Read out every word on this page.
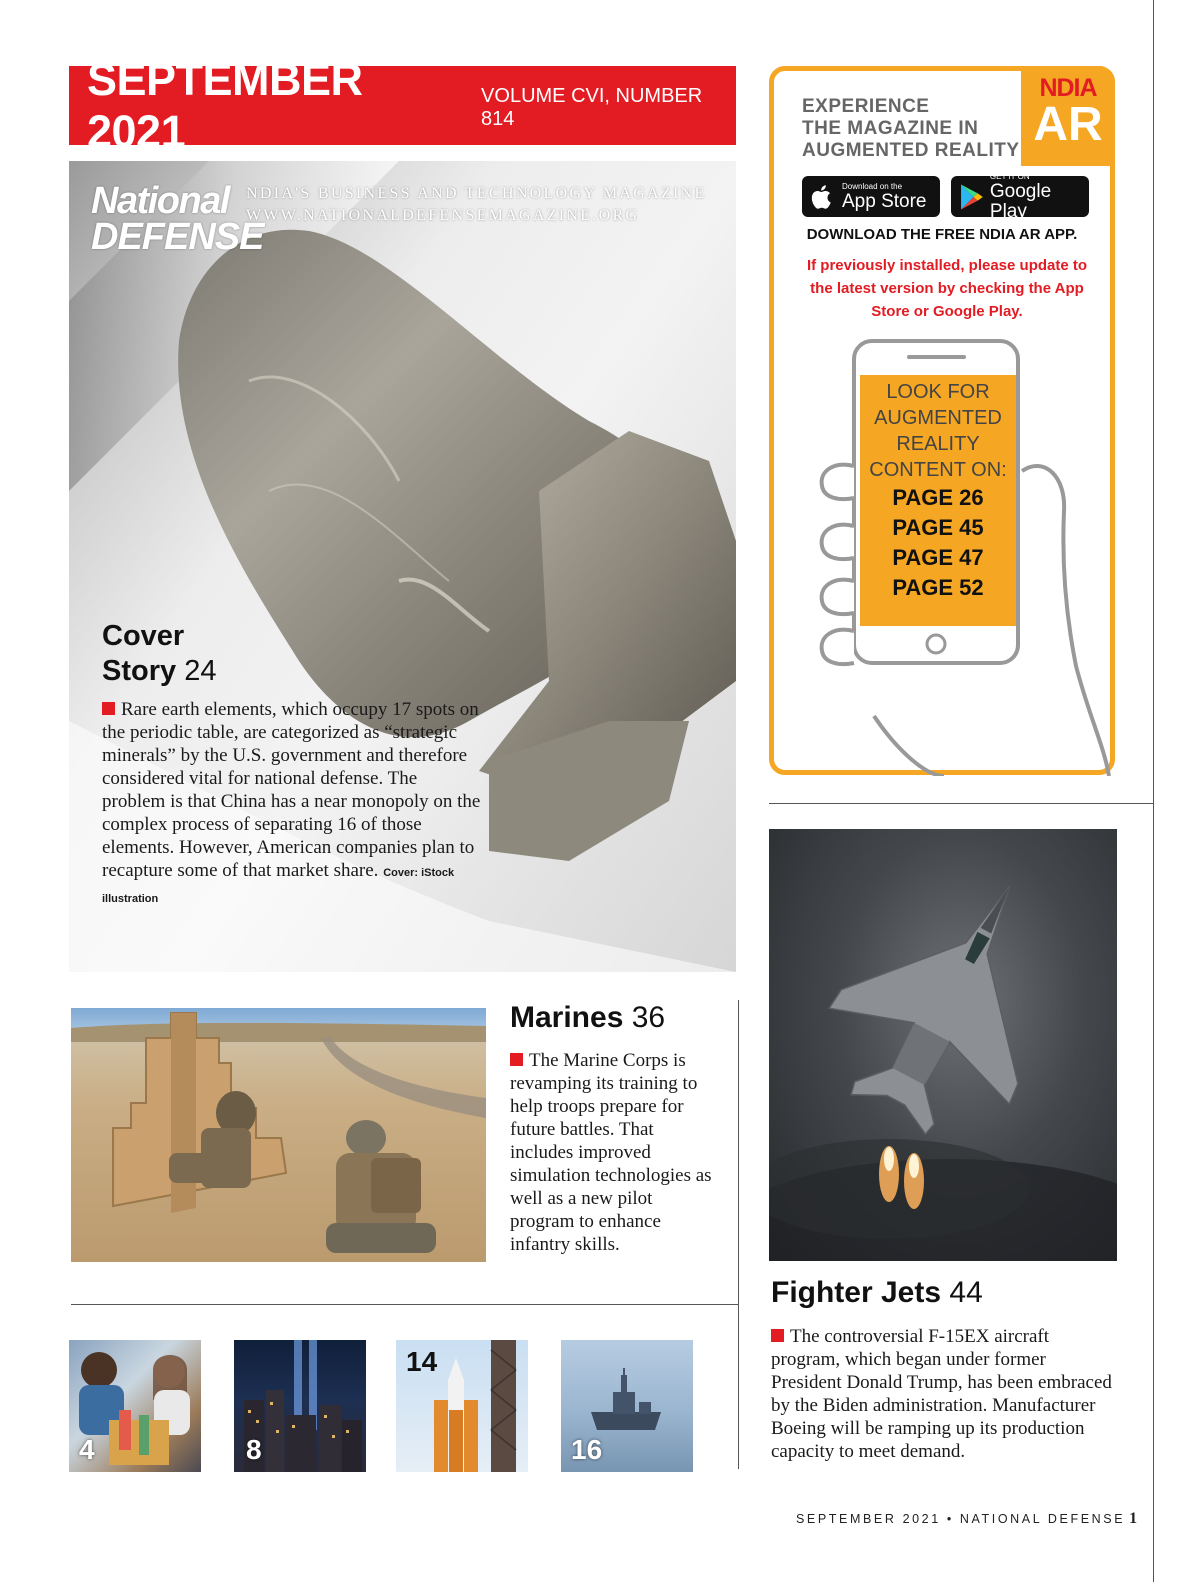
SEPTEMBER 2021
VOLUME CVI, NUMBER 814
National
DEFENSE
NDIA'S BUSINESS AND TECHNOLOGY MAGAZINE
WWW.NATIONALDEFENSEMAGAZINE.ORG
Cover
Story 24
Rare earth elements, which occupy 17 spots on the periodic table, are categorized as “strategic minerals” by the U.S. government and therefore considered vital for national defense. The problem is that China has a near monopoly on the complex process of separating 16 of those elements. However, American companies plan to recapture some of that market share. Cover: iStock illustration
EXPERIENCE
THE MAGAZINE IN
AUGMENTED REALITY
NDIA
AR
Download on the
App Store
GET IT ON
Google Play
DOWNLOAD THE FREE NDIA AR APP.
If previously installed, please update to the latest version by checking the App Store or Google Play.
LOOK FOR
AUGMENTED
REALITY
CONTENT ON:
PAGE 26
PAGE 45
PAGE 47
PAGE 52
Fighter Jets 44
The controversial F-15EX aircraft program, which began under former President Donald Trump, has been embraced by the Biden administration. Manufacturer Boeing will be ramping up its production capacity to meet demand.
Marines 36
The Marine Corps is revamping its training to help troops prepare for future battles. That includes improved simulation technologies as well as a new pilot program to enhance infantry skills.
4	8
14
16
SEPTEMBER 2021 • NATIONAL DEFENSE 1
